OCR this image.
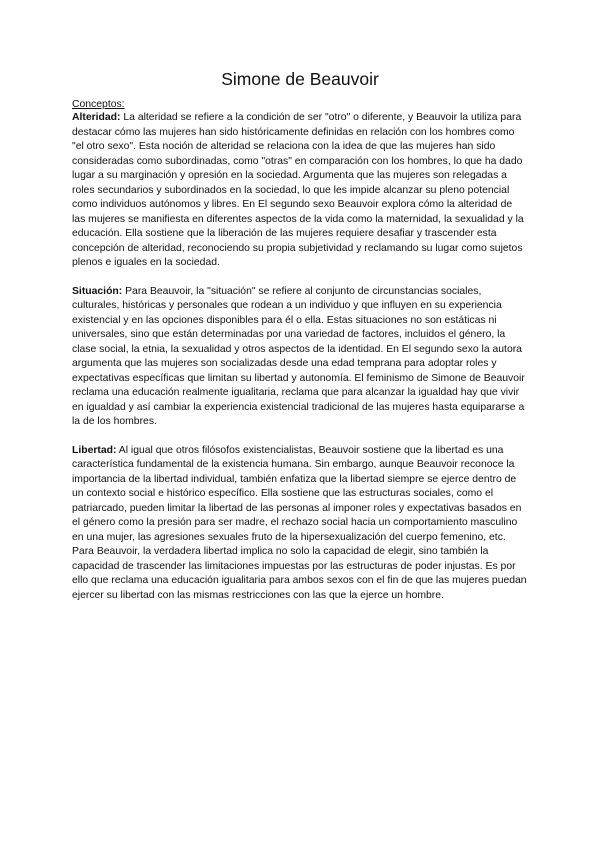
Simone de Beauvoir

Conceptos:

Alteridad: La alteridad se refiere a la condición de ser "otro" o diferente, y Beauvoir la utiliza para destacar cómo las mujeres han sido históricamente definidas en relación con los hombres como "el otro sexo". Esta noción de alteridad se relaciona con la idea de que las mujeres han sido consideradas como subordinadas, como "otras" en comparación con los hombres, lo que ha dado lugar a su marginación y opresión en la sociedad. Argumenta que las mujeres son relegadas a roles secundarios y subordinados en la sociedad, lo que les impide alcanzar su pleno potencial como individuos autónomos y libres. En El segundo sexo Beauvoir explora cómo la alteridad de las mujeres se manifiesta en diferentes aspectos de la vida como la maternidad, la sexualidad y la educación. Ella sostiene que la liberación de las mujeres requiere desafiar y trascender esta concepción de alteridad, reconociendo su propia subjetividad y reclamando su lugar como sujetos plenos e iguales en la sociedad.

Situación: Para Beauvoir, la "situación" se refiere al conjunto de circunstancias sociales, culturales, históricas y personales que rodean a un individuo y que influyen en su experiencia existencial y en las opciones disponibles para él o ella. Estas situaciones no son estáticas ni universales, sino que están determinadas por una variedad de factores, incluidos el género, la clase social, la etnia, la sexualidad y otros aspectos de la identidad. En El segundo sexo la autora argumenta que las mujeres son socializadas desde una edad temprana para adoptar roles y expectativas específicas que limitan su libertad y autonomía. El feminismo de Simone de Beauvoir reclama una educación realmente igualitaria, reclama que para alcanzar la igualdad hay que vivir en igualdad y así cambiar la experiencia existencial tradicional de las mujeres hasta equipararse a la de los hombres.

Libertad: Al igual que otros filósofos existencialistas, Beauvoir sostiene que la libertad es una característica fundamental de la existencia humana. Sin embargo, aunque Beauvoir reconoce la importancia de la libertad individual, también enfatiza que la libertad siempre se ejerce dentro de un contexto social e histórico específico. Ella sostiene que las estructuras sociales, como el patriarcado, pueden limitar la libertad de las personas al imponer roles y expectativas basados en el género como la presión para ser madre, el rechazo social hacia un comportamiento masculino en una mujer, las agresiones sexuales fruto de la hipersexualización del cuerpo femenino, etc. Para Beauvoir, la verdadera libertad implica no solo la capacidad de elegir, sino también la capacidad de trascender las limitaciones impuestas por las estructuras de poder injustas. Es por ello que reclama una educación igualitaria para ambos sexos con el fin de que las mujeres puedan ejercer su libertad con las mismas restricciones con las que la ejerce un hombre.
